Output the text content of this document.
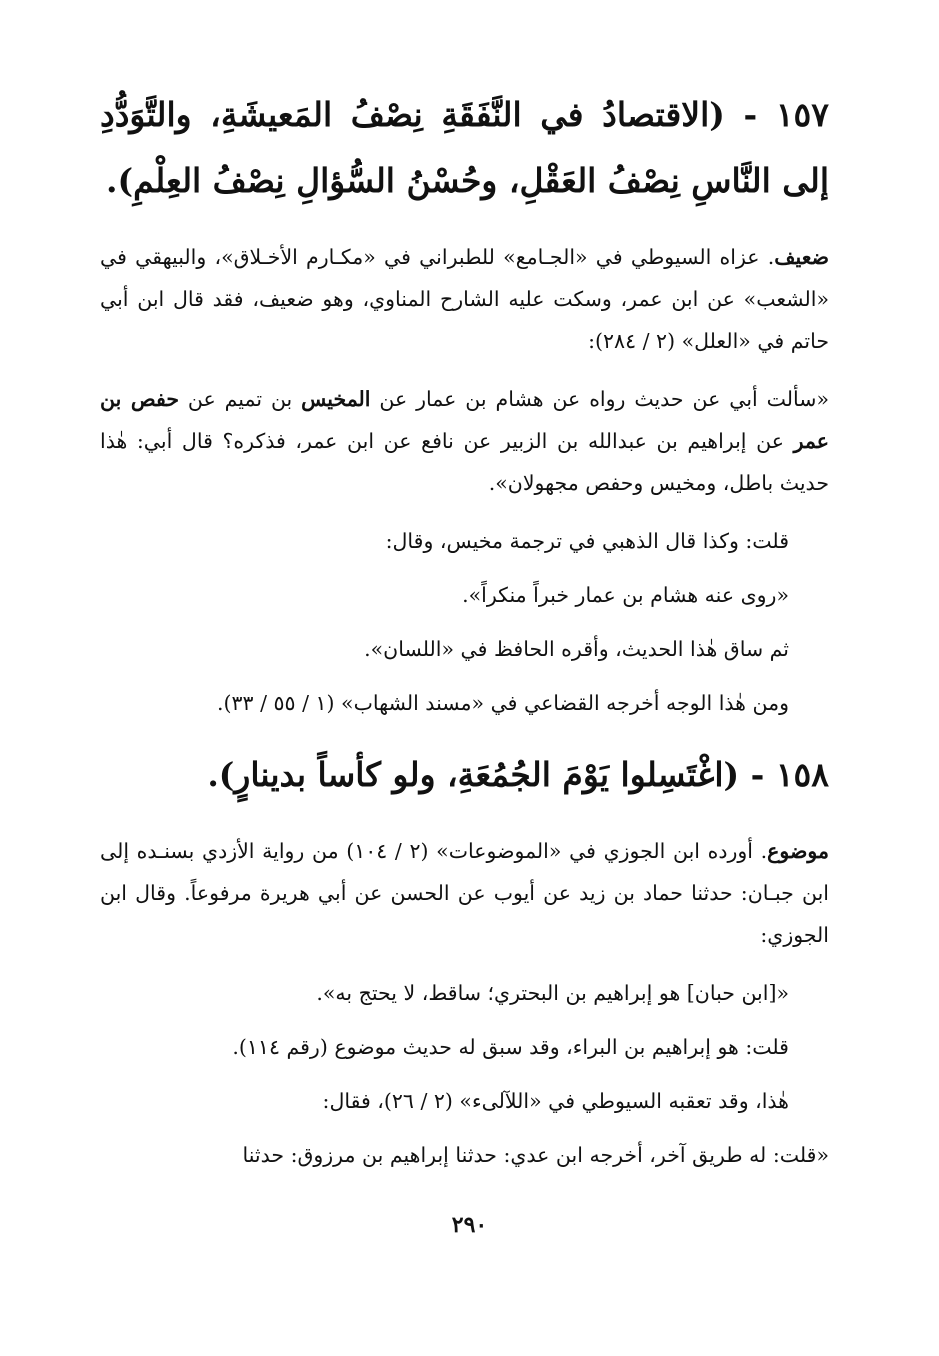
١٥٧ - (الاقتصادُ في النَّفَقَةِ نِصْفُ المَعيشَةِ، والتَّوَدُّدِ إلى النَّاسِ نِصْفُ العَقْلِ، وحُسْنُ السُّؤالِ نِصْفُ العِلْمِ).

ضعيف. عزاه السيوطي في «الجـامع» للطبراني في «مكـارم الأخـلاق»، والبيهقي في «الشعب» عن ابن عمر، وسكت عليه الشارح المناوي، وهو ضعيف، فقد قال ابن أبي حاتم في «العلل» (٢ / ٢٨٤):

«سألت أبي عن حديث رواه عن هشام بن عمار عن المخيس بن تميم عن حفص بن عمر عن إبراهيم بن عبدالله بن الزبير عن نافع عن ابن عمر، فذكره؟ قال أبي: هٰذا حديث باطل، ومخيس وحفص مجهولان».

قلت: وكذا قال الذهبي في ترجمة مخيس، وقال:

«روى عنه هشام بن عمار خبراً منكراً».

ثم ساق هٰذا الحديث، وأقره الحافظ في «اللسان».

ومن هٰذا الوجه أخرجه القضاعي في «مسند الشهاب» (١ / ٥٥ / ٣٣).

١٥٨ - (اغْتَسِلوا يَوْمَ الجُمُعَةِ، ولو كأساً بدينارٍ).

موضوع. أورده ابن الجوزي في «الموضوعات» (٢ / ١٠٤) من رواية الأزدي بسنـده إلى ابن جبـان: حدثنا حماد بن زيد عن أيوب عن الحسن عن أبي هريرة مرفوعاً. وقال ابن الجوزي:

«[ابن حبان] هو إبراهيم بن البحتري؛ ساقط، لا يحتج به».

قلت: هو إبراهيم بن البراء، وقد سبق له حديث موضوع (رقم ١١٤).

هٰذا، وقد تعقبه السيوطي في «اللآلىء» (٢ / ٢٦)، فقال:

«قلت: له طريق آخر، أخرجه ابن عدي: حدثنا إبراهيم بن مرزوق: حدثنا

٢٩٠
